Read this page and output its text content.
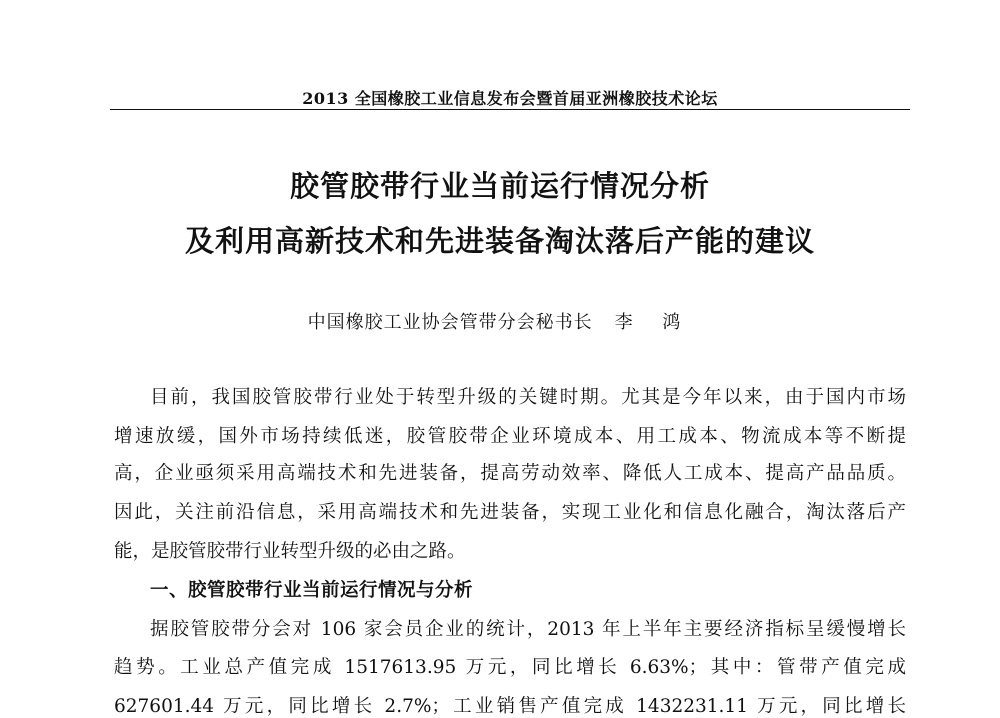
2013 全国橡胶工业信息发布会暨首届亚洲橡胶技术论坛
胶管胶带行业当前运行情况分析
及利用高新技术和先进装备淘汰落后产能的建议
中国橡胶工业协会管带分会秘书长 李 鸿
目前，我国胶管胶带行业处于转型升级的关键时期。尤其是今年以来，由于国内市场
增速放缓，国外市场持续低迷，胶管胶带企业环境成本、用工成本、物流成本等不断提
高，企业亟须采用高端技术和先进装备，提高劳动效率、降低人工成本、提高产品品质。
因此，关注前沿信息，采用高端技术和先进装备，实现工业化和信息化融合，淘汰落后产
能，是胶管胶带行业转型升级的必由之路。
一、胶管胶带行业当前运行情况与分析
据胶管胶带分会对 106 家会员企业的统计，2013 年上半年主要经济指标呈缓慢增长
趋势。工业总产值完成 1517613.95 万元，同比增长 6.63%；其中：管带产值完成
627601.44 万元，同比增长 2.7%；工业销售产值完成 1432231.11 万元，同比增长
